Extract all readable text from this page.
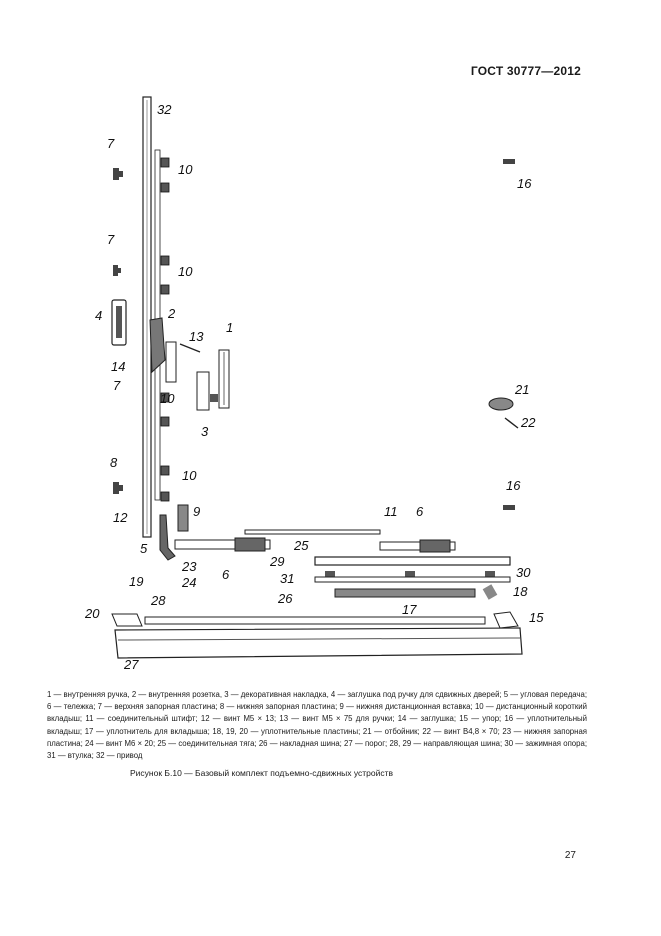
ГОСТ 30777—2012
32
7
10
16
7
10
4	2
1
13
14
7	21
10
22
3
8
10
16
9	11 6
12
25
5
29
23	30
6	31
19	24
18
26
28
17
20	15
27
1 — внутренняя ручка, 2 — внутренняя розетка, 3 — декоративная накладка, 4 — заглушка под ручку для сдвижных дверей; 5 — угловая передача; 6 — тележка; 7 — верхняя запорная пластина; 8 — нижняя запорная пластина; 9 — нижняя дистанционная вставка; 10 — дистанционный короткий вкладыш; 11 — соединительный штифт; 12 — винт М5 × 13; 13 — винт М5 × 75 для ручки; 14 — заглушка; 15 — упор; 16 — уплотнительный вкладыш; 17 — уплотнитель для вкладыша; 18, 19, 20 — уплотнительные пластины; 21 — отбойник; 22 — винт В4,8 × 70; 23 — нижняя запорная пластина; 24 — винт М6 × 20; 25 — соединительная тяга; 26 — накладная шина; 27 — порог; 28, 29 — направляющая шина; 30 — зажимная опора; 31 — втулка; 32 — привод
Рисунок Б.10 — Базовый комплект подъемно-сдвижных устройств
27
